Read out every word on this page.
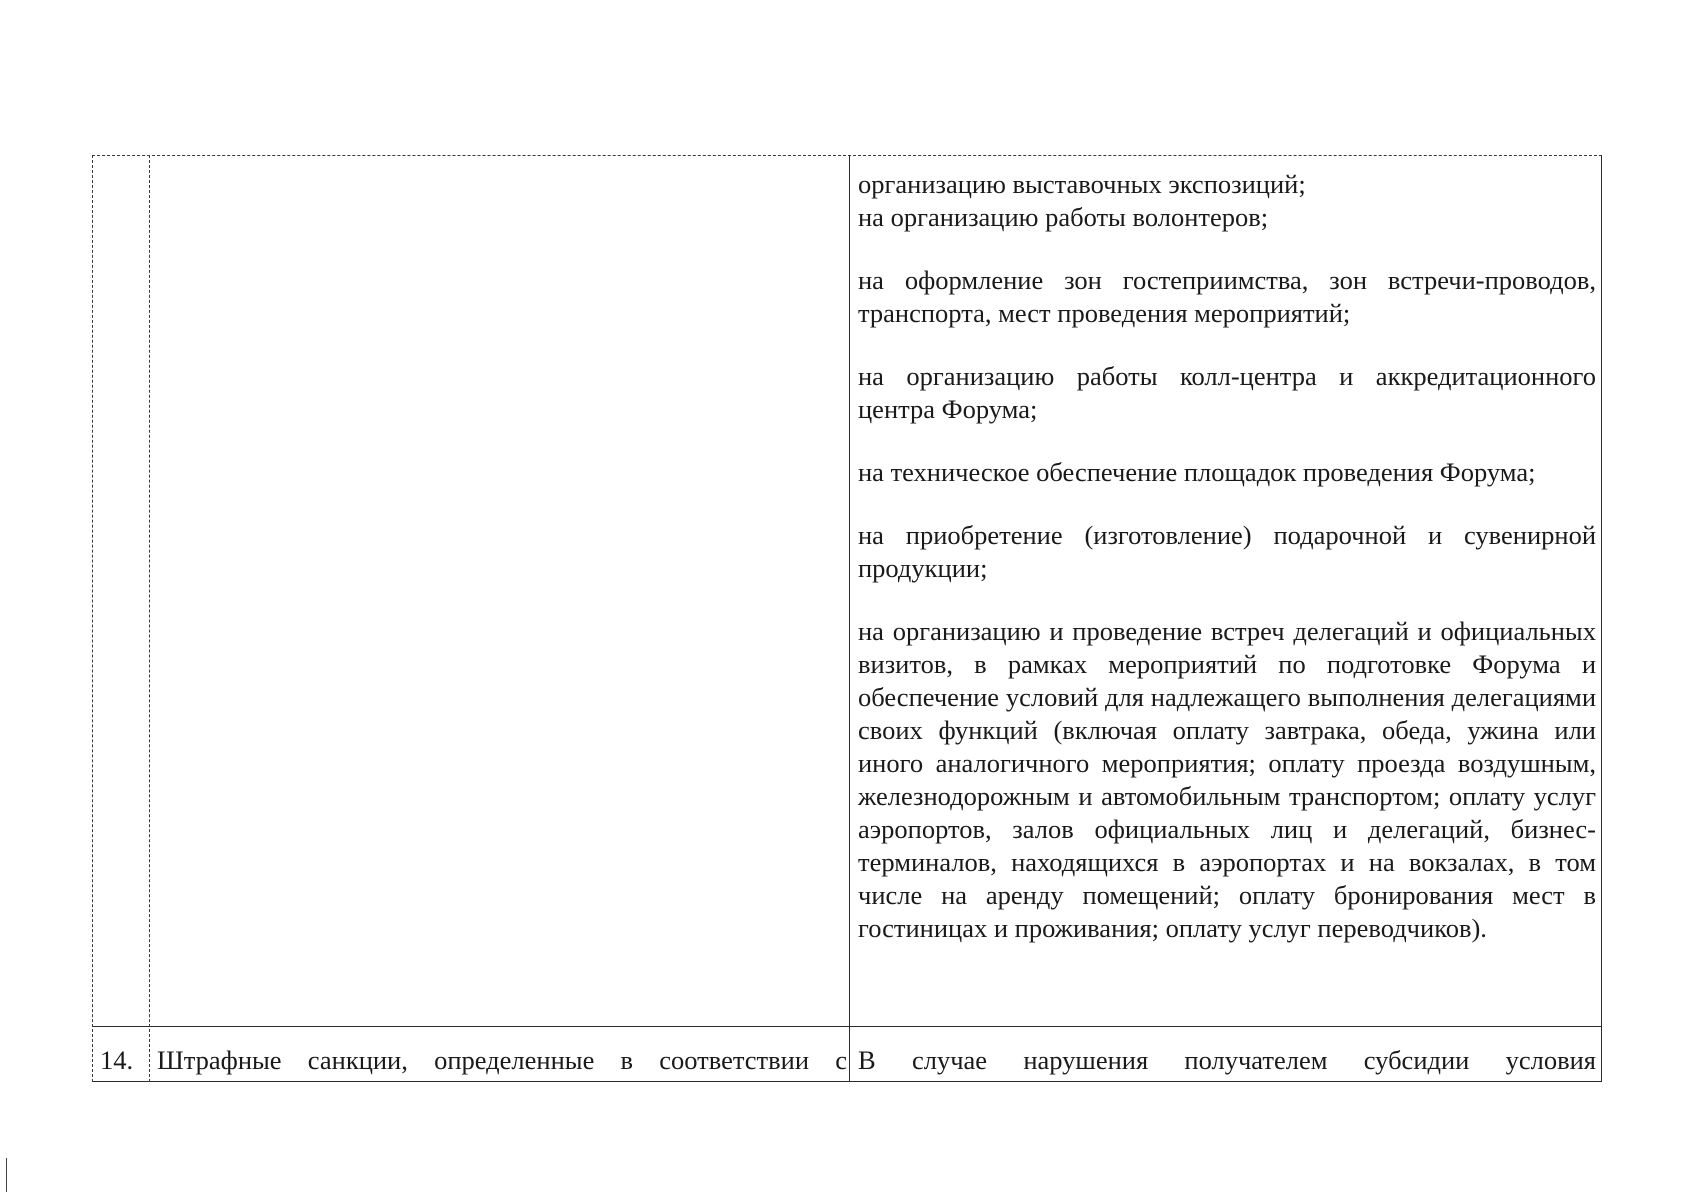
организацию выставочных экспозиций;

на организацию работы волонтеров;

на оформление зон гостеприимства, зон встречи-проводов, транспорта, мест проведения мероприятий;

на организацию работы колл-центра и аккредитационного центра Форума;

на техническое обеспечение площадок проведения Форума;

на приобретение (изготовление) подарочной и сувенирной продукции;

на организацию и проведение встреч делегаций и официальных визитов, в рамках мероприятий по подготовке Форума и обеспечение условий для надлежащего выполнения делегациями своих функций (включая оплату завтрака, обеда, ужина или иного аналогичного мероприятия; оплату проезда воздушным, железнодорожным и автомобильным транспортом; оплату услуг аэропортов, залов официальных лиц и делегаций, бизнес-терминалов, находящихся в аэропортах и на вокзалах, в том числе на аренду помещений; оплату бронирования мест в гостиницах и проживания; оплату услуг переводчиков).

14. Штрафные санкции, определенные в соответствии с В случае нарушения получателем субсидии условия
